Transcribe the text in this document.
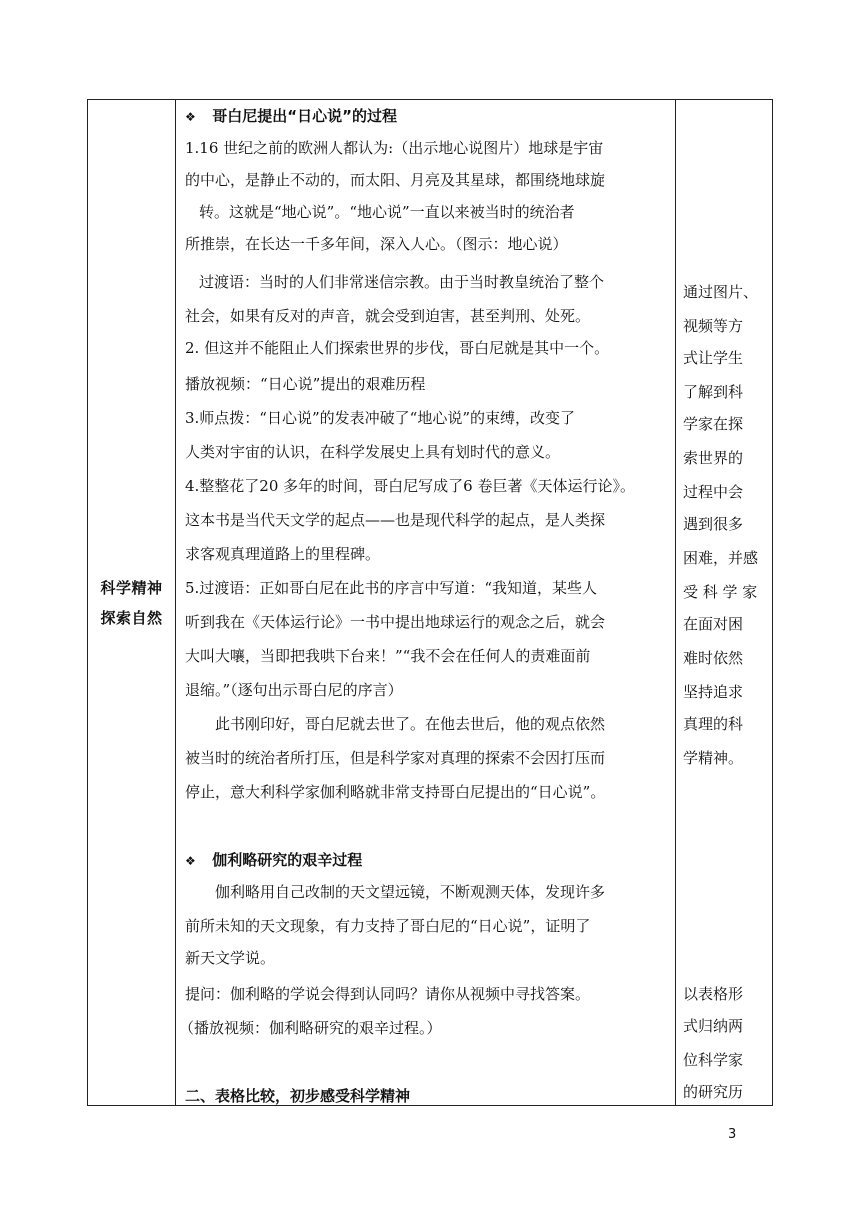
科学精神
探索自然
❖ 哥白尼提出“日心说”的过程
1.16 世纪之前的欧洲人都认为:（出示地心说图片）地球是宇宙
的中心，是静止不动的，而太阳、月亮及其星球，都围绕地球旋
转。这就是“地心说”。“地心说”一直以来被当时的统治者
所推崇，在长达一千多年间，深入人心。（图示：地心说）
过渡语：当时的人们非常迷信宗教。由于当时教皇统治了整个
社会，如果有反对的声音，就会受到迫害，甚至判刑、处死。
2. 但这并不能阻止人们探索世界的步伐，哥白尼就是其中一个。
播放视频：“日心说”提出的艰难历程
3.师点拨：“日心说”的发表冲破了“地心说”的束缚，改变了
人类对宇宙的认识，在科学发展史上具有划时代的意义。
4.整整花了20 多年的时间，哥白尼写成了6 卷巨著《天体运行论》。
这本书是当代天文学的起点——也是现代科学的起点，是人类探
求客观真理道路上的里程碑。
5.过渡语：正如哥白尼在此书的序言中写道：“我知道，某些人
听到我在《天体运行论》一书中提出地球运行的观念之后，就会
大叫大嚷，当即把我哄下台来！”“我不会在任何人的责难面前
退缩。”（逐句出示哥白尼的序言）
此书刚印好，哥白尼就去世了。在他去世后，他的观点依然
被当时的统治者所打压，但是科学家对真理的探索不会因打压而
停止，意大利科学家伽利略就非常支持哥白尼提出的“日心说”。
❖ 伽利略研究的艰辛过程
伽利略用自己改制的天文望远镜，不断观测天体，发现许多
前所未知的天文现象，有力支持了哥白尼的“日心说”，证明了
新天文学说。
提问：伽利略的学说会得到认同吗？请你从视频中寻找答案。
（播放视频：伽利略研究的艰辛过程。）
二、表格比较，初步感受科学精神
通过图片、
视频等方
式让学生
了解到科
学家在探
索世界的
过程中会
遇到很多
困难，并感
受 科 学 家
在面对困
难时依然
坚持追求
真理的科
学精神。
以表格形
式归纳两
位科学家
的研究历
3
